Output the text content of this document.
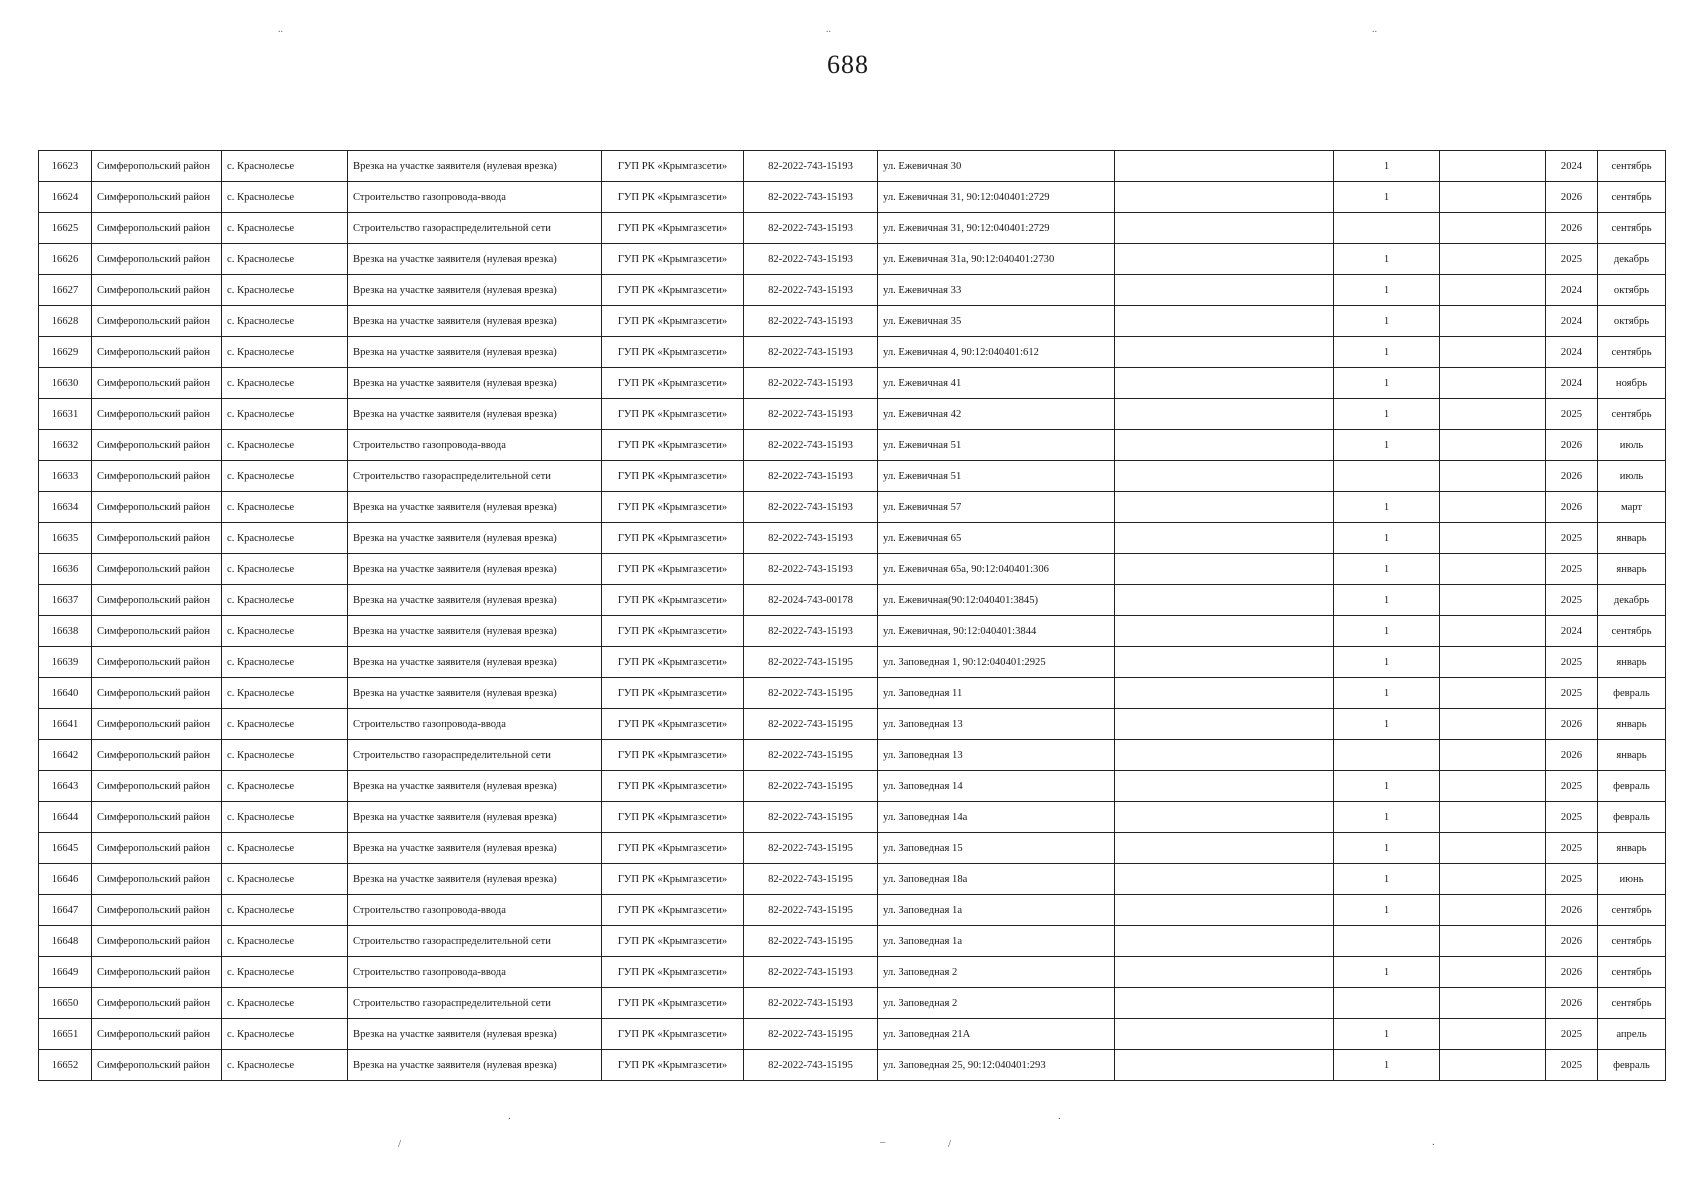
..	..	..
688
16623	Симферопольский район	с. Краснолесье	Врезка на участке заявителя (нулевая врезка)	ГУП РК «Крымгазсети»	82-2022-743-15193	ул. Ежевичная 30		1		2024	сентябрь
16624	Симферопольский район	с. Краснолесье	Строительство газопровода-ввода	ГУП РК «Крымгазсети»	82-2022-743-15193	ул. Ежевичная 31, 90:12:040401:2729		1		2026	сентябрь
16625	Симферопольский район	с. Краснолесье	Строительство газораспределительной сети	ГУП РК «Крымгазсети»	82-2022-743-15193	ул. Ежевичная 31, 90:12:040401:2729				2026	сентябрь
16626	Симферопольский район	с. Краснолесье	Врезка на участке заявителя (нулевая врезка)	ГУП РК «Крымгазсети»	82-2022-743-15193	ул. Ежевичная 31а, 90:12:040401:2730		1		2025	декабрь
16627	Симферопольский район	с. Краснолесье	Врезка на участке заявителя (нулевая врезка)	ГУП РК «Крымгазсети»	82-2022-743-15193	ул. Ежевичная 33		1		2024	октябрь
16628	Симферопольский район	с. Краснолесье	Врезка на участке заявителя (нулевая врезка)	ГУП РК «Крымгазсети»	82-2022-743-15193	ул. Ежевичная 35		1		2024	октябрь
16629	Симферопольский район	с. Краснолесье	Врезка на участке заявителя (нулевая врезка)	ГУП РК «Крымгазсети»	82-2022-743-15193	ул. Ежевичная 4, 90:12:040401:612		1		2024	сентябрь
16630	Симферопольский район	с. Краснолесье	Врезка на участке заявителя (нулевая врезка)	ГУП РК «Крымгазсети»	82-2022-743-15193	ул. Ежевичная 41		1		2024	ноябрь
16631	Симферопольский район	с. Краснолесье	Врезка на участке заявителя (нулевая врезка)	ГУП РК «Крымгазсети»	82-2022-743-15193	ул. Ежевичная 42		1		2025	сентябрь
16632	Симферопольский район	с. Краснолесье	Строительство газопровода-ввода	ГУП РК «Крымгазсети»	82-2022-743-15193	ул. Ежевичная 51		1		2026	июль
16633	Симферопольский район	с. Краснолесье	Строительство газораспределительной сети	ГУП РК «Крымгазсети»	82-2022-743-15193	ул. Ежевичная 51				2026	июль
16634	Симферопольский район	с. Краснолесье	Врезка на участке заявителя (нулевая врезка)	ГУП РК «Крымгазсети»	82-2022-743-15193	ул. Ежевичная 57		1		2026	март
16635	Симферопольский район	с. Краснолесье	Врезка на участке заявителя (нулевая врезка)	ГУП РК «Крымгазсети»	82-2022-743-15193	ул. Ежевичная 65		1		2025	январь
16636	Симферопольский район	с. Краснолесье	Врезка на участке заявителя (нулевая врезка)	ГУП РК «Крымгазсети»	82-2022-743-15193	ул. Ежевичная 65а, 90:12:040401:306		1		2025	январь
16637	Симферопольский район	с. Краснолесье	Врезка на участке заявителя (нулевая врезка)	ГУП РК «Крымгазсети»	82-2024-743-00178	ул. Ежевичная(90:12:040401:3845)		1		2025	декабрь
16638	Симферопольский район	с. Краснолесье	Врезка на участке заявителя (нулевая врезка)	ГУП РК «Крымгазсети»	82-2022-743-15193	ул. Ежевичная, 90:12:040401:3844		1		2024	сентябрь
16639	Симферопольский район	с. Краснолесье	Врезка на участке заявителя (нулевая врезка)	ГУП РК «Крымгазсети»	82-2022-743-15195	ул. Заповедная 1, 90:12:040401:2925		1		2025	январь
16640	Симферопольский район	с. Краснолесье	Врезка на участке заявителя (нулевая врезка)	ГУП РК «Крымгазсети»	82-2022-743-15195	ул. Заповедная 11		1		2025	февраль
16641	Симферопольский район	с. Краснолесье	Строительство газопровода-ввода	ГУП РК «Крымгазсети»	82-2022-743-15195	ул. Заповедная 13		1		2026	январь
16642	Симферопольский район	с. Краснолесье	Строительство газораспределительной сети	ГУП РК «Крымгазсети»	82-2022-743-15195	ул. Заповедная 13				2026	январь
16643	Симферопольский район	с. Краснолесье	Врезка на участке заявителя (нулевая врезка)	ГУП РК «Крымгазсети»	82-2022-743-15195	ул. Заповедная 14		1		2025	февраль
16644	Симферопольский район	с. Краснолесье	Врезка на участке заявителя (нулевая врезка)	ГУП РК «Крымгазсети»	82-2022-743-15195	ул. Заповедная 14а		1		2025	февраль
16645	Симферопольский район	с. Краснолесье	Врезка на участке заявителя (нулевая врезка)	ГУП РК «Крымгазсети»	82-2022-743-15195	ул. Заповедная 15		1		2025	январь
16646	Симферопольский район	с. Краснолесье	Врезка на участке заявителя (нулевая врезка)	ГУП РК «Крымгазсети»	82-2022-743-15195	ул. Заповедная 18а		1		2025	июнь
16647	Симферопольский район	с. Краснолесье	Строительство газопровода-ввода	ГУП РК «Крымгазсети»	82-2022-743-15195	ул. Заповедная 1а		1		2026	сентябрь
16648	Симферопольский район	с. Краснолесье	Строительство газораспределительной сети	ГУП РК «Крымгазсети»	82-2022-743-15195	ул. Заповедная 1а				2026	сентябрь
16649	Симферопольский район	с. Краснолесье	Строительство газопровода-ввода	ГУП РК «Крымгазсети»	82-2022-743-15193	ул. Заповедная 2		1		2026	сентябрь
16650	Симферопольский район	с. Краснолесье	Строительство газораспределительной сети	ГУП РК «Крымгазсети»	82-2022-743-15193	ул. Заповедная 2				2026	сентябрь
16651	Симферопольский район	с. Краснолесье	Врезка на участке заявителя (нулевая врезка)	ГУП РК «Крымгазсети»	82-2022-743-15195	ул. Заповедная 21А		1		2025	апрель
16652	Симферопольский район	с. Краснолесье	Врезка на участке заявителя (нулевая врезка)	ГУП РК «Крымгазсети»	82-2022-743-15195	ул. Заповедная 25, 90:12:040401:293		1		2025	февраль
.	.
/	–	/	.
